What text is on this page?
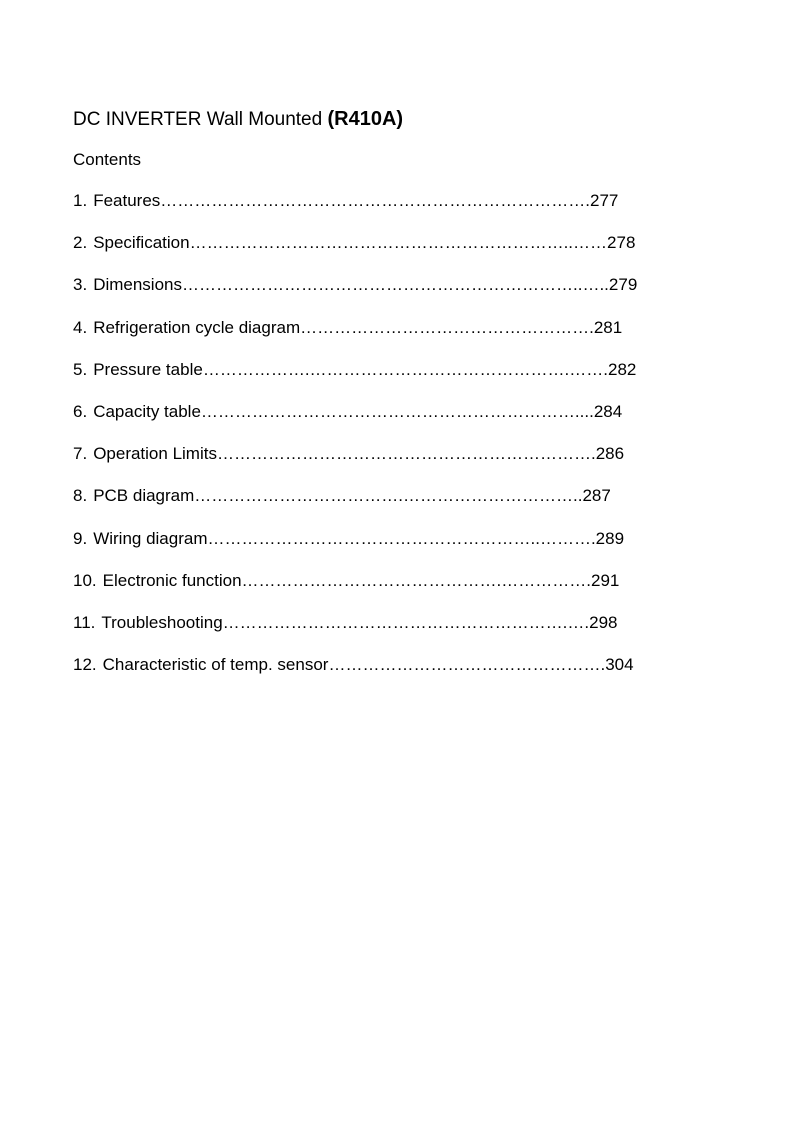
DC INVERTER Wall Mounted (R410A)
Contents
1. Features………………………………………………………………….277
2. Specification…………………………………………………………..……278
3. Dimensions……………………………………………………………..…..279
4.Refrigeration cycle diagram…………………………………………….281
5. Pressure table……………….……………………………………….…….282
6. Capacity table…………………………………………………………....284
7. Operation Limits………………………………………………………….286
8. PCB diagram……………………………….…………………………..287
9. Wiring diagram…………………………………………………..……….289
10. Electronic function……………………………………….…………….291
11. Troubleshooting…………………………………………………….….298
12. Characteristic of temp. sensor………………………………………….304
